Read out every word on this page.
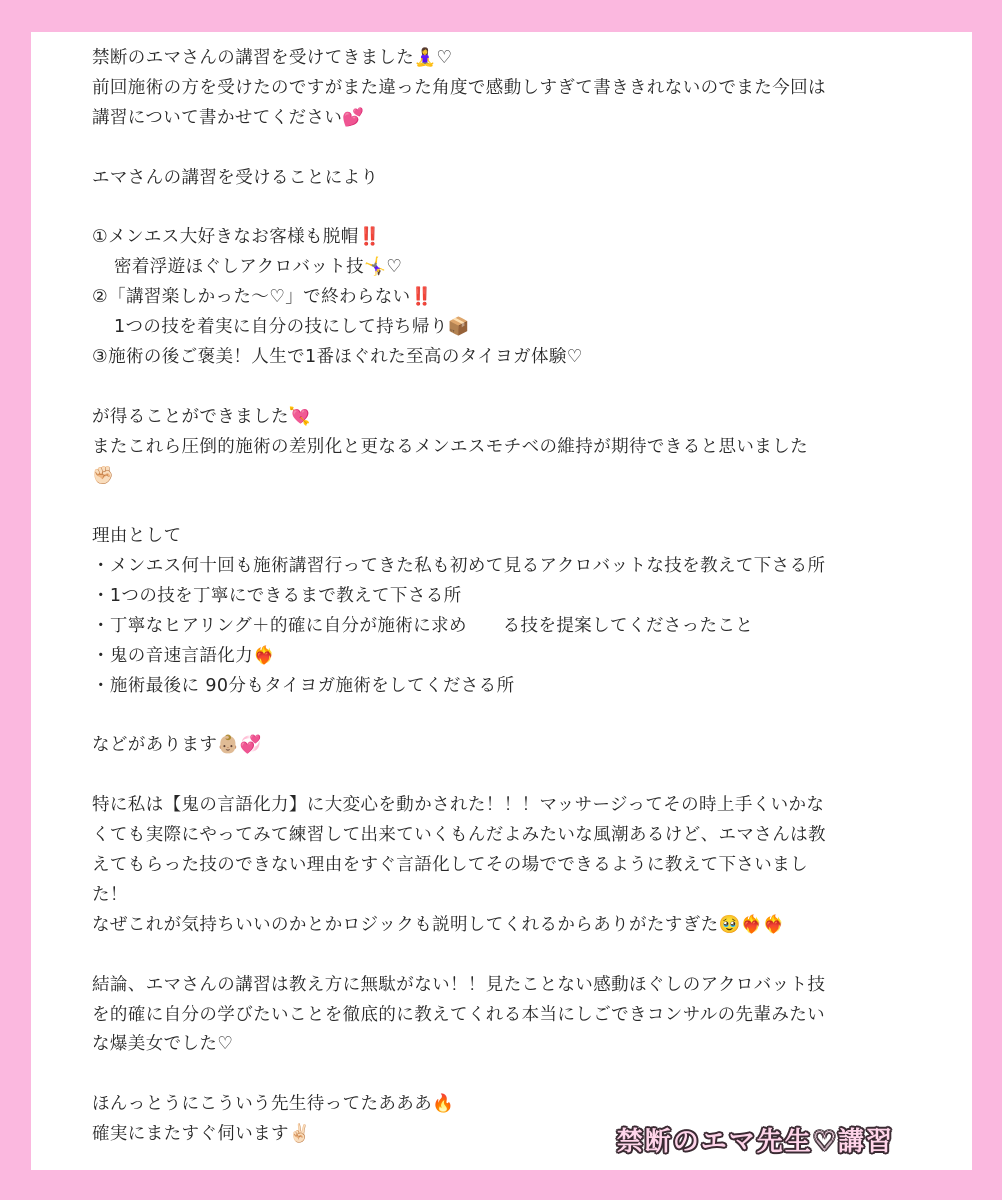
禁断のエマさんの講習を受けてきました🧘‍♀️♡
前回施術の方を受けたのですがまた違った角度で感動しすぎて書ききれないのでまた今回は
講習について書かせてください💕
エマさんの講習を受けることにより
①メンエス大好きなお客様も脱帽‼️
密着浮遊ほぐしアクロバット技🤸‍♀️♡
②「講習楽しかった〜♡」で終わらない‼️
1つの技を着実に自分の技にして持ち帰り📦
③施術の後ご褒美！人生で1番ほぐれた至高のタイヨガ体験♡
が得ることができました💘
またこれら圧倒的施術の差別化と更なるメンエスモチベの維持が期待できると思いました
✊🏻
理由として
・メンエス何十回も施術講習行ってきた私も初めて見るアクロバットな技を教えて下さる所
・1つの技を丁寧にできるまで教えて下さる所
・丁寧なヒアリング＋的確に自分が施術に求め　　る技を提案してくださったこと
・鬼の音速言語化力❤️‍🔥
・施術最後に 90分もタイヨガ施術をしてくださる所
などがあります👶🏼💞
特に私は【鬼の言語化力】に大変心を動かされた！！！マッサージってその時上手くいかな
くても実際にやってみて練習して出来ていくもんだよみたいな風潮あるけど、エマさんは教
えてもらった技のできない理由をすぐ言語化してその場でできるように教えて下さいまし
た！
なぜこれが気持ちいいのかとかロジックも説明してくれるからありがたすぎた🥹❤️‍🔥❤️‍🔥
結論、エマさんの講習は教え方に無駄がない！！見たことない感動ほぐしのアクロバット技
を的確に自分の学びたいことを徹底的に教えてくれる本当にしごできコンサルの先輩みたい
な爆美女でした♡
ほんっとうにこういう先生待ってたあああ🔥
確実にまたすぐ伺います✌🏻	禁断のエマ先生♡講習
